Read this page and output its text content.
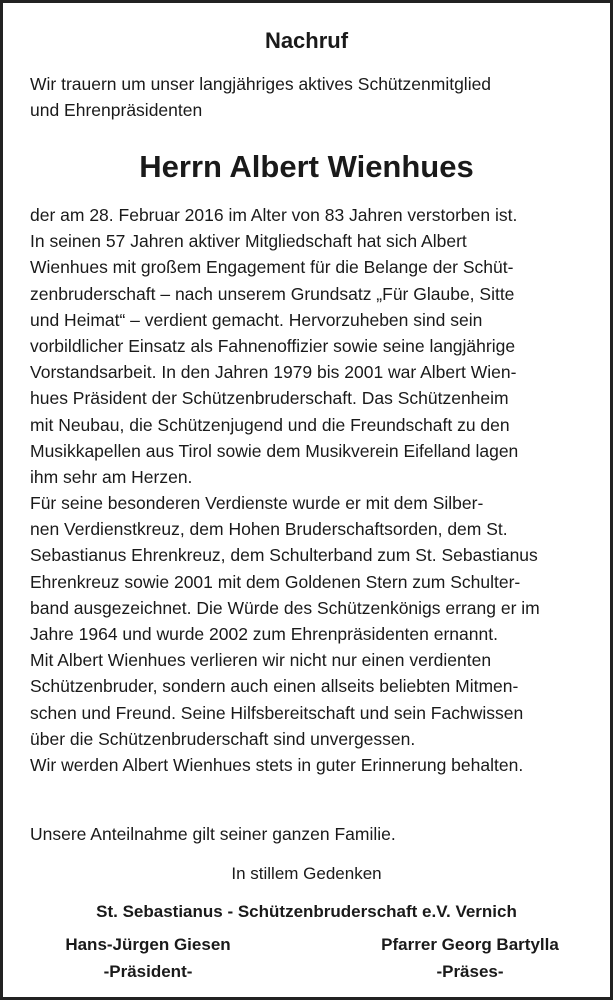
Nachruf
Wir trauern um unser langjähriges aktives Schützenmitglied
und Ehrenpräsidenten
Herrn Albert Wienhues
der am 28. Februar 2016 im Alter von 83 Jahren verstorben ist.
In seinen 57 Jahren aktiver Mitgliedschaft hat sich Albert
Wienhues mit großem Engagement für die Belange der Schüt-
zenbruderschaft – nach unserem Grundsatz „Für Glaube, Sitte
und Heimat“ – verdient gemacht. Hervorzuheben sind sein
vorbildlicher Einsatz als Fahnenoffizier sowie seine langjährige
Vorstandsarbeit. In den Jahren 1979 bis 2001 war Albert Wien-
hues Präsident der Schützenbruderschaft. Das Schützenheim
mit Neubau, die Schützenjugend und die Freundschaft zu den
Musikkapellen aus Tirol sowie dem Musikverein Eifelland lagen
ihm sehr am Herzen.
Für seine besonderen Verdienste wurde er mit dem Silber-
nen Verdienstkreuz, dem Hohen Bruderschaftsorden, dem St.
Sebastianus Ehrenkreuz, dem Schulterband zum St. Sebastianus
Ehrenkreuz sowie 2001 mit dem Goldenen Stern zum Schulter-
band ausgezeichnet. Die Würde des Schützenkönigs errang er im
Jahre 1964 und wurde 2002 zum Ehrenpräsidenten ernannt.
Mit Albert Wienhues verlieren wir nicht nur einen verdienten
Schützenbruder, sondern auch einen allseits beliebten Mitmen-
schen und Freund. Seine Hilfsbereitschaft und sein Fachwissen
über die Schützenbruderschaft sind unvergessen.
Wir werden Albert Wienhues stets in guter Erinnerung behalten.
Unsere Anteilnahme gilt seiner ganzen Familie.
In stillem Gedenken
St. Sebastianus - Schützenbruderschaft e.V. Vernich
Hans-Jürgen Giesen
-Präsident-
Pfarrer Georg Bartylla
-Präses-
